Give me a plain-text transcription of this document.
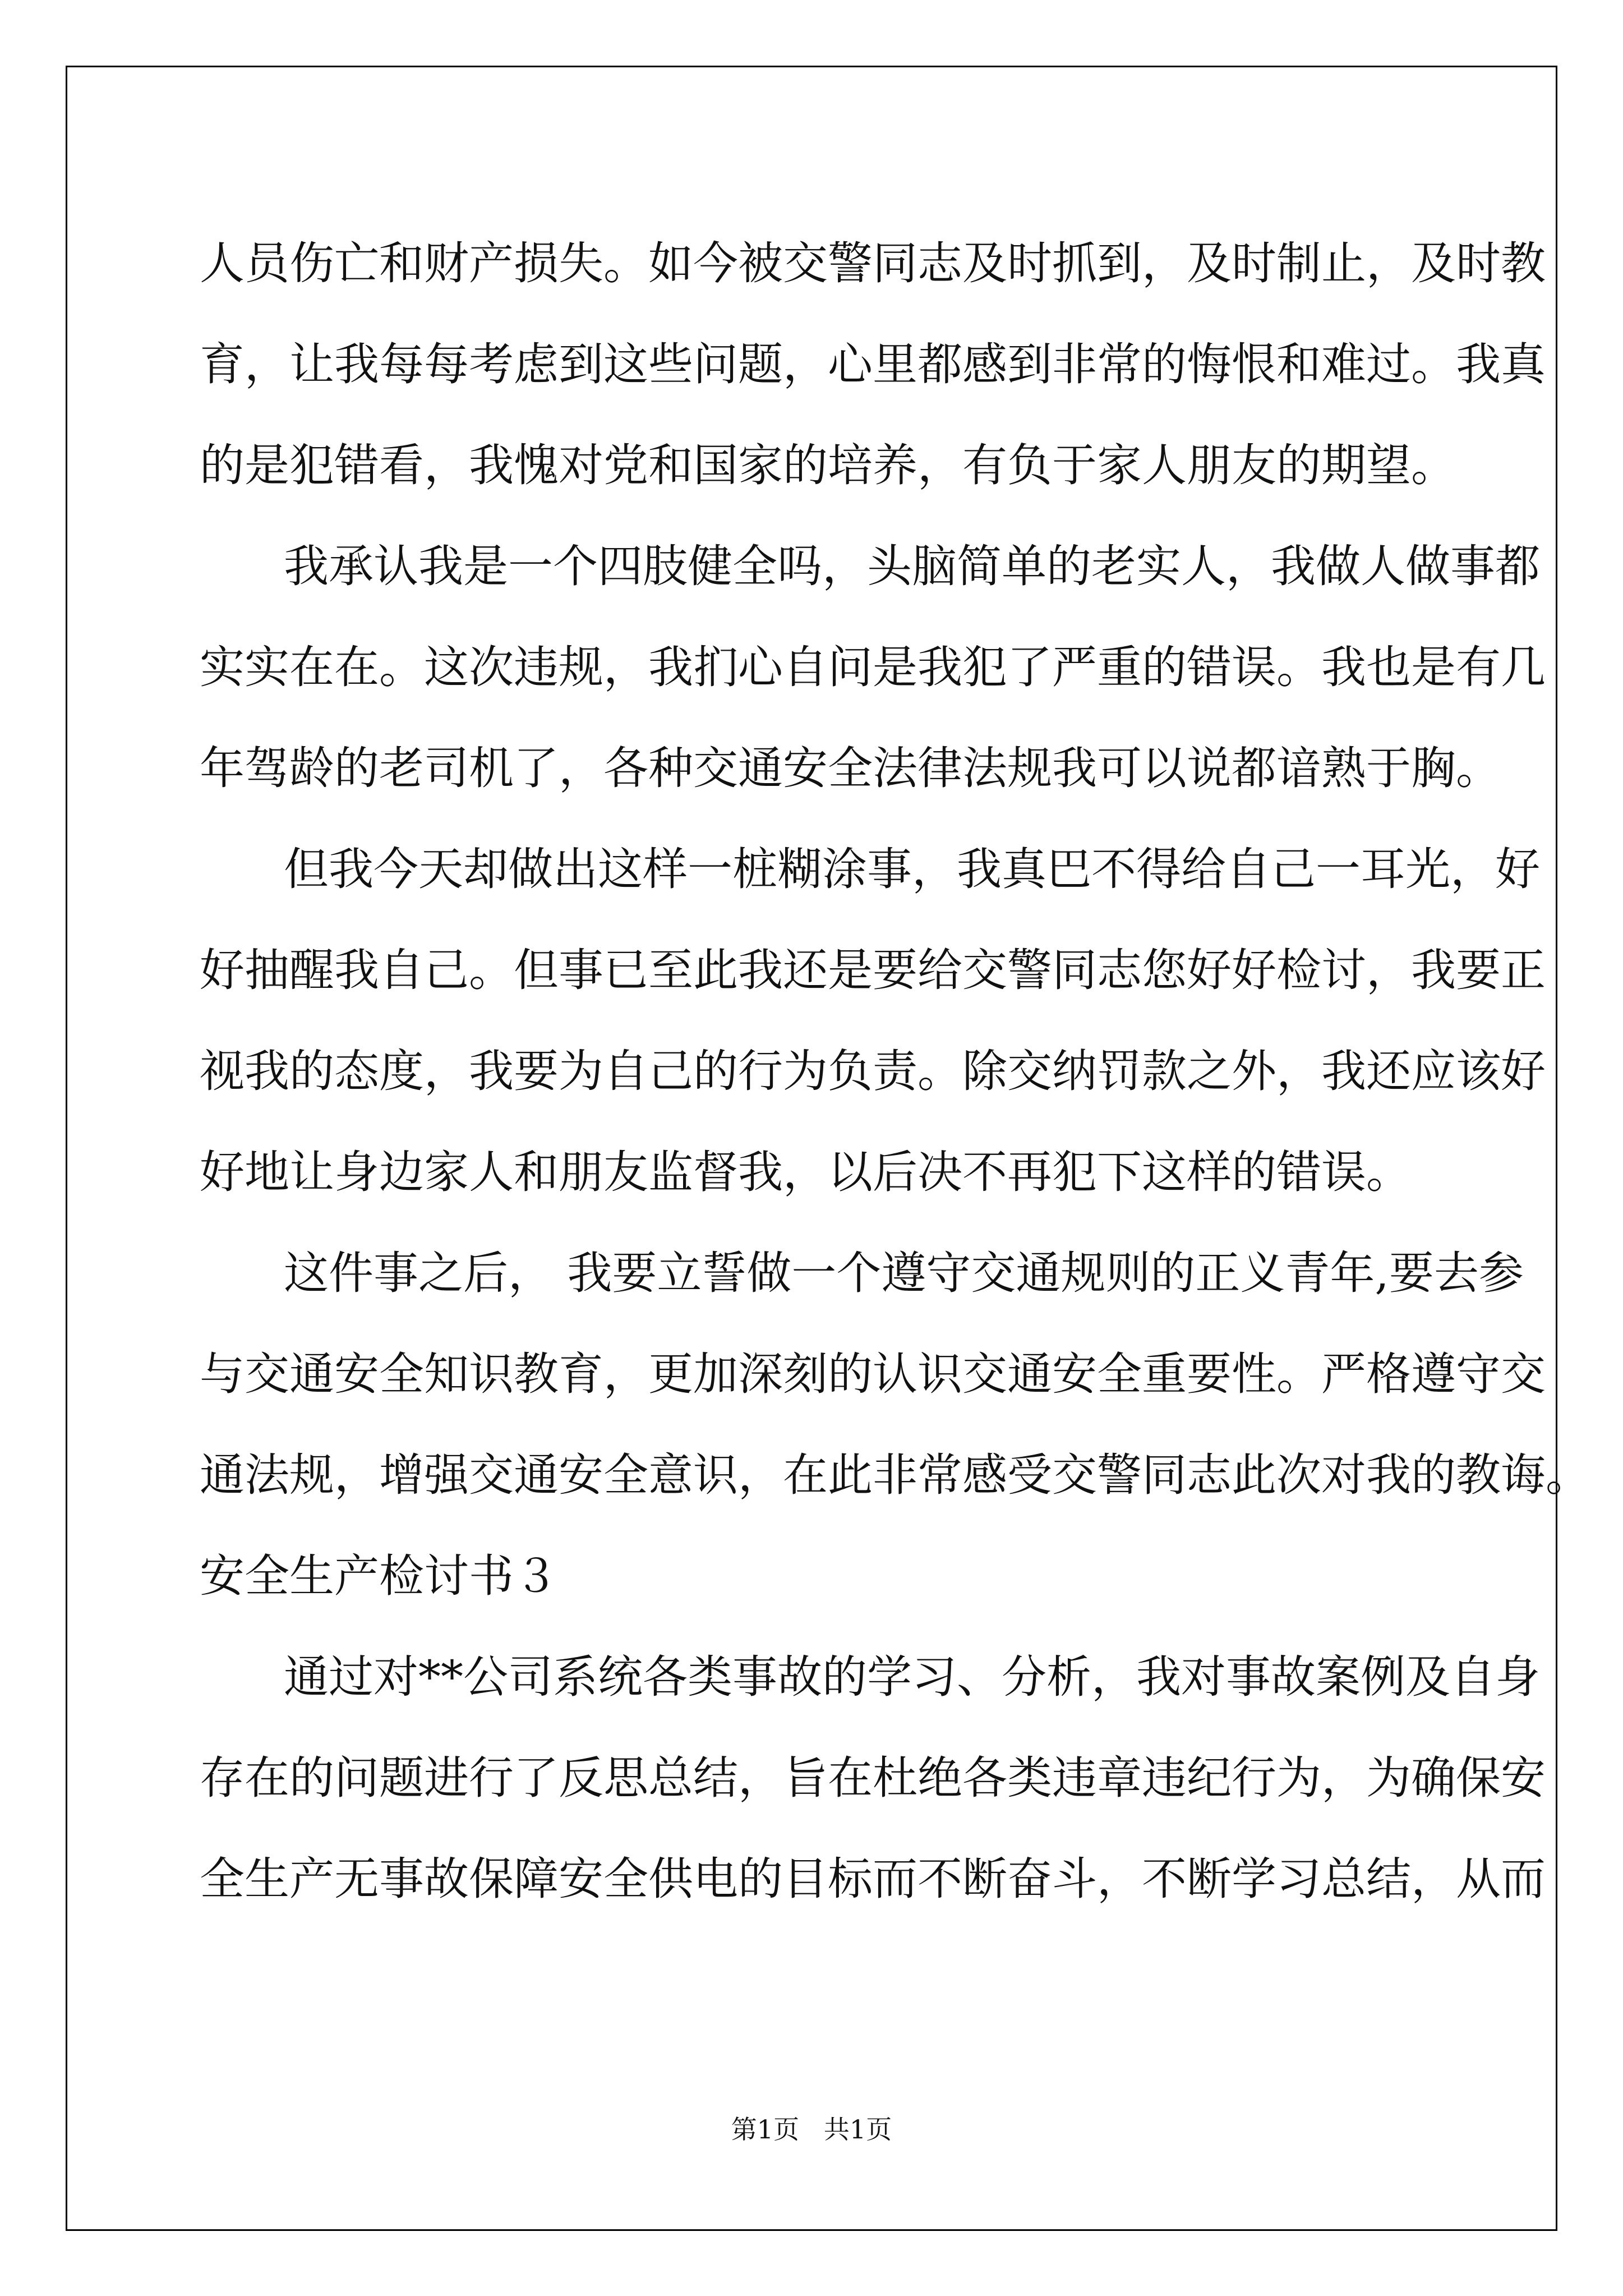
人员伤亡和财产损失。如今被交警同志及时抓到，及时制止，及时教
育，让我每每考虑到这些问题，心里都感到非常的悔恨和难过。我真
的是犯错看，我愧对党和国家的培养，有负于家人朋友的期望。
我承认我是一个四肢健全吗，头脑简单的老实人，我做人做事都
实实在在。这次违规，我扪心自问是我犯了严重的错误。我也是有几
年驾龄的老司机了，各种交通安全法律法规我可以说都谙熟于胸。
但我今天却做出这样一桩糊涂事，我真巴不得给自己一耳光，好
好抽醒我自己。但事已至此我还是要给交警同志您好好检讨，我要正
视我的态度，我要为自己的行为负责。除交纳罚款之外，我还应该好
好地让身边家人和朋友监督我，以后决不再犯下这样的错误。
这件事之后， 我要立誓做一个遵守交通规则的正义青年,要去参
与交通安全知识教育，更加深刻的认识交通安全重要性。严格遵守交
通法规，增强交通安全意识，在此非常感受交警同志此次对我的教诲。
安全生产检讨书３
通过对**公司系统各类事故的学习、分析，我对事故案例及自身
存在的问题进行了反思总结，旨在杜绝各类违章违纪行为，为确保安
全生产无事故保障安全供电的目标而不断奋斗，不断学习总结，从而
第1页   共1页
